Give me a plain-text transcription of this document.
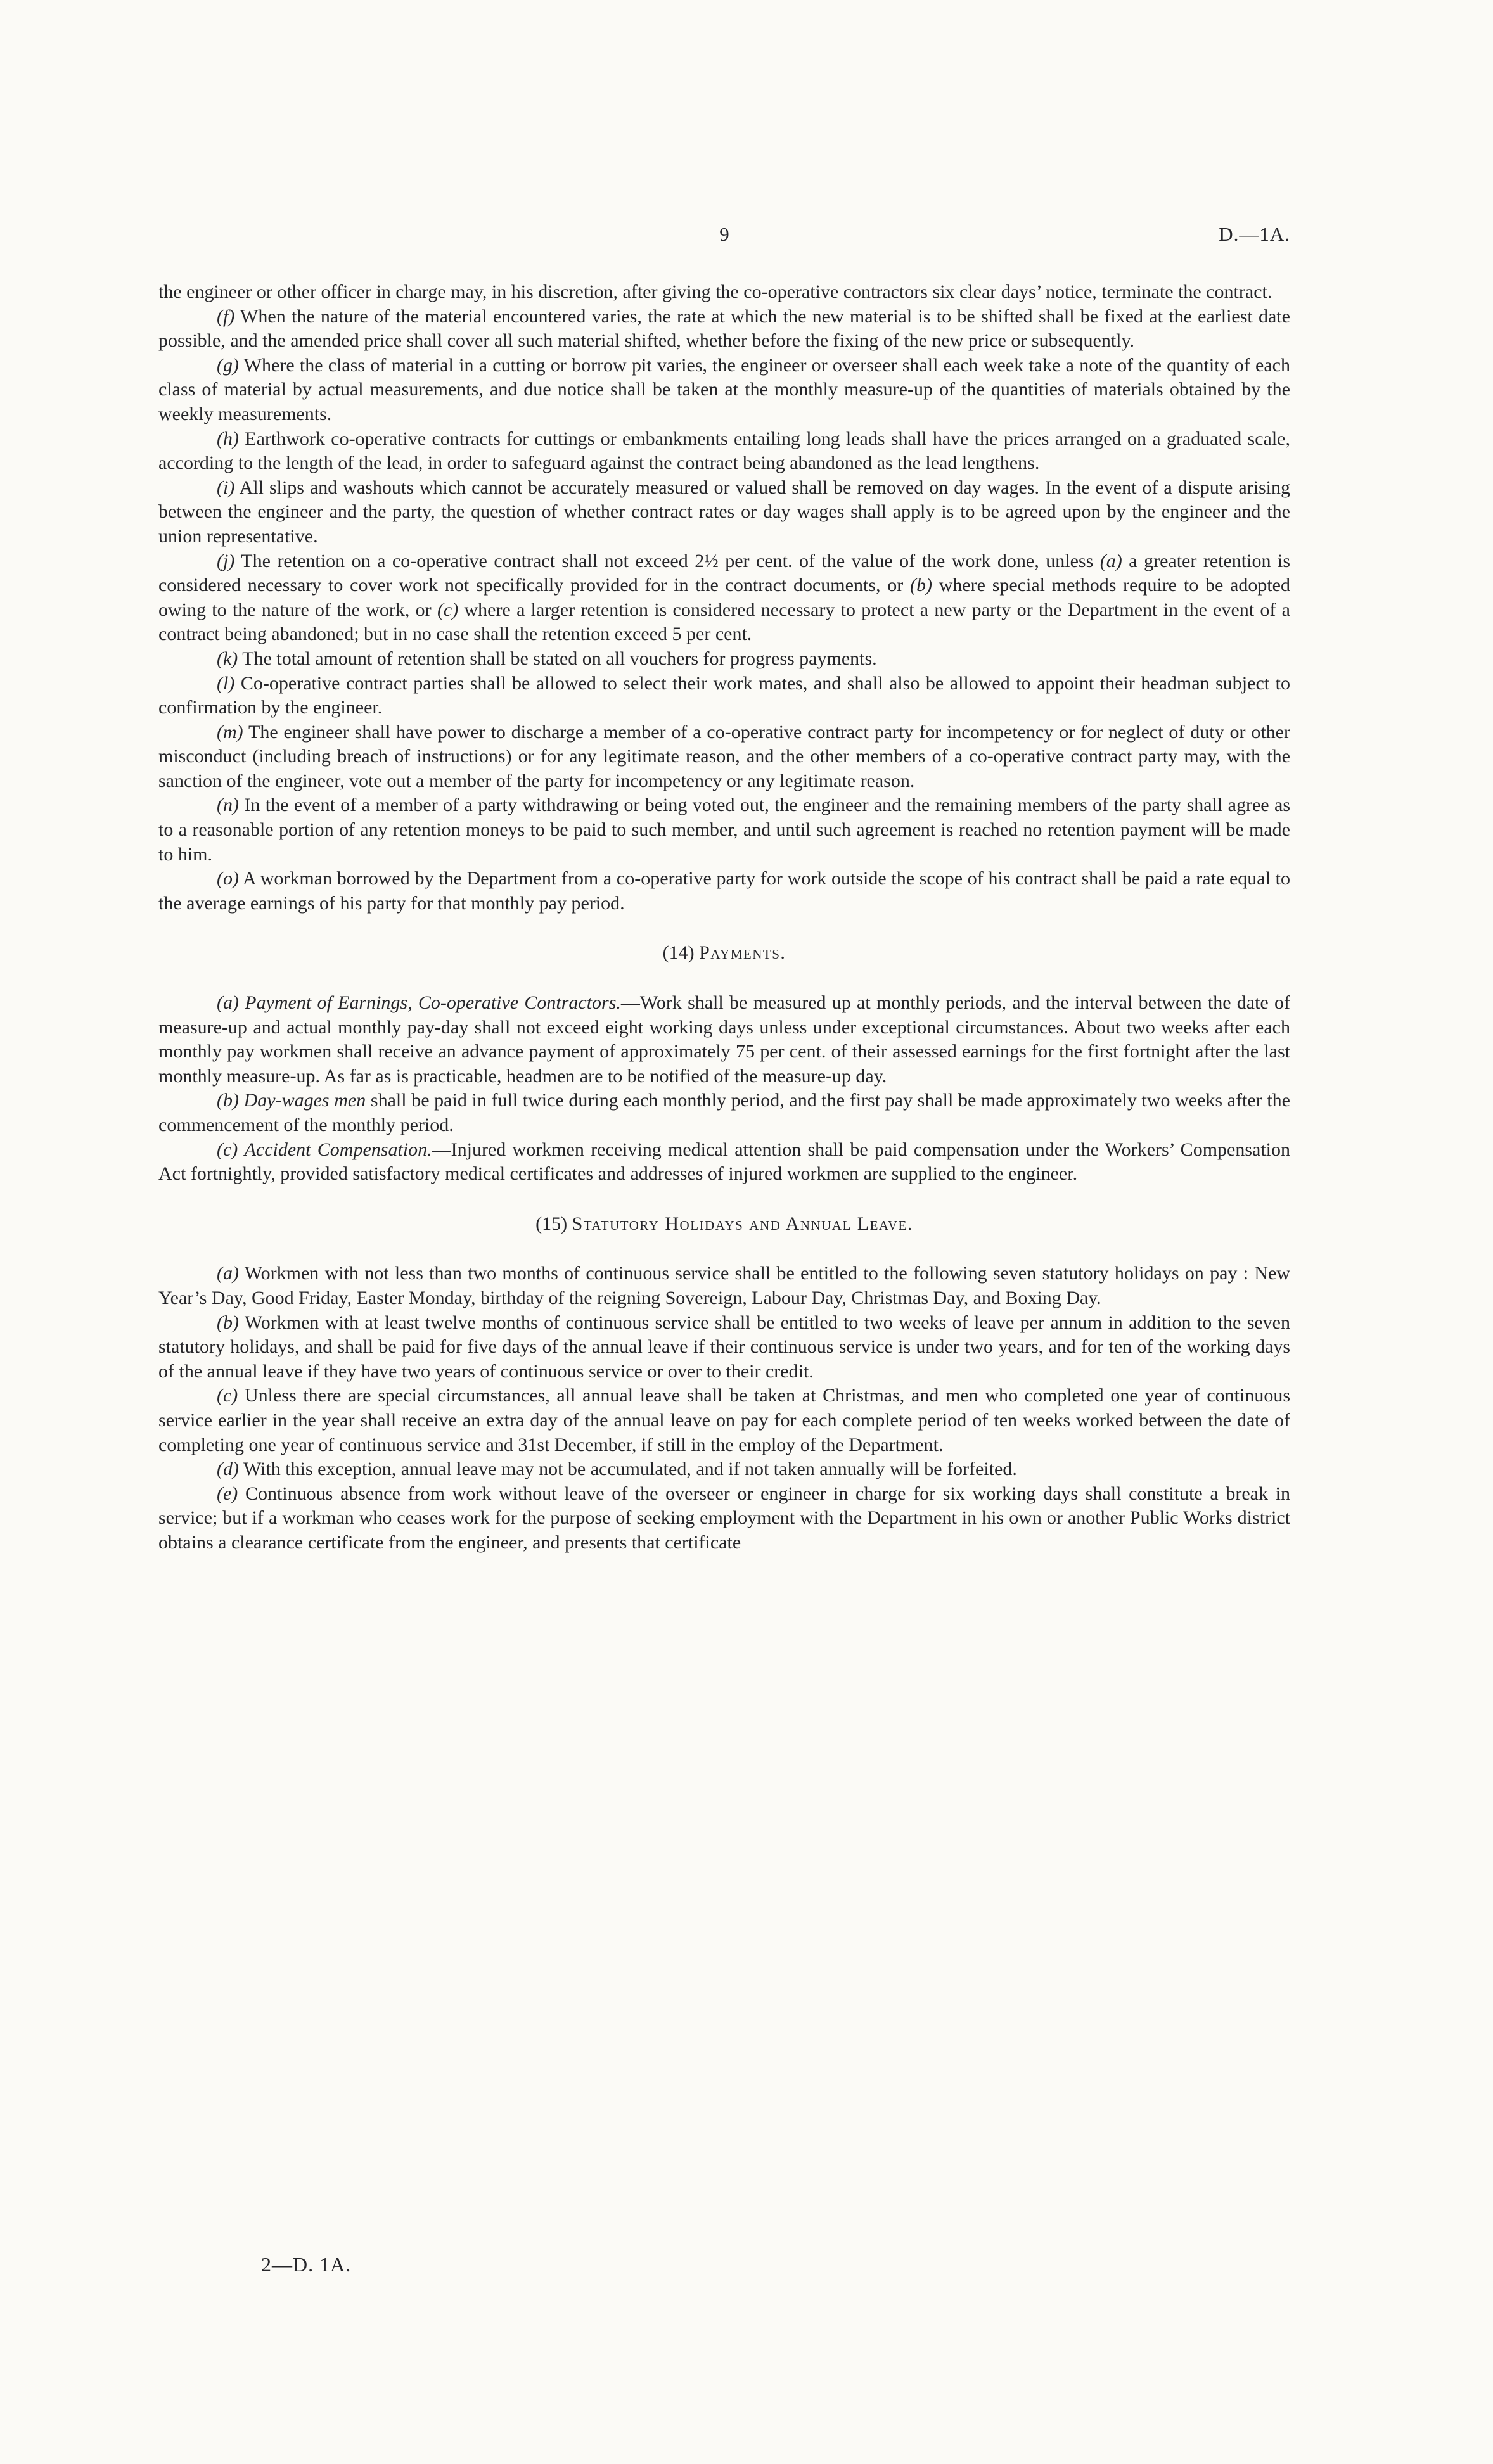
9	D.—1A.

the engineer or other officer in charge may, in his discretion, after giving the co-operative contractors six clear days’ notice, terminate the contract.

(f) When the nature of the material encountered varies, the rate at which the new material is to be shifted shall be fixed at the earliest date possible, and the amended price shall cover all such material shifted, whether before the fixing of the new price or subsequently.

(g) Where the class of material in a cutting or borrow pit varies, the engineer or overseer shall each week take a note of the quantity of each class of material by actual measurements, and due notice shall be taken at the monthly measure-up of the quantities of materials obtained by the weekly measurements.

(h) Earthwork co-operative contracts for cuttings or embankments entailing long leads shall have the prices arranged on a graduated scale, according to the length of the lead, in order to safeguard against the contract being abandoned as the lead lengthens.

(i) All slips and washouts which cannot be accurately measured or valued shall be removed on day wages. In the event of a dispute arising between the engineer and the party, the question of whether contract rates or day wages shall apply is to be agreed upon by the engineer and the union representative.

(j) The retention on a co-operative contract shall not exceed 2½ per cent. of the value of the work done, unless (a) a greater retention is considered necessary to cover work not specifically provided for in the contract documents, or (b) where special methods require to be adopted owing to the nature of the work, or (c) where a larger retention is considered necessary to protect a new party or the Department in the event of a contract being abandoned; but in no case shall the retention exceed 5 per cent.

(k) The total amount of retention shall be stated on all vouchers for progress payments.

(l) Co-operative contract parties shall be allowed to select their work mates, and shall also be allowed to appoint their headman subject to confirmation by the engineer.

(m) The engineer shall have power to discharge a member of a co-operative contract party for incompetency or for neglect of duty or other misconduct (including breach of instructions) or for any legitimate reason, and the other members of a co-operative contract party may, with the sanction of the engineer, vote out a member of the party for incompetency or any legitimate reason.

(n) In the event of a member of a party withdrawing or being voted out, the engineer and the remaining members of the party shall agree as to a reasonable portion of any retention moneys to be paid to such member, and until such agreement is reached no retention payment will be made to him.

(o) A workman borrowed by the Department from a co-operative party for work outside the scope of his contract shall be paid a rate equal to the average earnings of his party for that monthly pay period.

(14) Payments.

(a) Payment of Earnings, Co-operative Contractors.—Work shall be measured up at monthly periods, and the interval between the date of measure-up and actual monthly pay-day shall not exceed eight working days unless under exceptional circumstances. About two weeks after each monthly pay workmen shall receive an advance payment of approximately 75 per cent. of their assessed earnings for the first fortnight after the last monthly measure-up. As far as is practicable, headmen are to be notified of the measure-up day.

(b) Day-wages men shall be paid in full twice during each monthly period, and the first pay shall be made approximately two weeks after the commencement of the monthly period.

(c) Accident Compensation.—Injured workmen receiving medical attention shall be paid compensation under the Workers’ Compensation Act fortnightly, provided satisfactory medical certificates and addresses of injured workmen are supplied to the engineer.

(15) Statutory Holidays and Annual Leave.

(a) Workmen with not less than two months of continuous service shall be entitled to the following seven statutory holidays on pay : New Year’s Day, Good Friday, Easter Monday, birthday of the reigning Sovereign, Labour Day, Christmas Day, and Boxing Day.

(b) Workmen with at least twelve months of continuous service shall be entitled to two weeks of leave per annum in addition to the seven statutory holidays, and shall be paid for five days of the annual leave if their continuous service is under two years, and for ten of the working days of the annual leave if they have two years of continuous service or over to their credit.

(c) Unless there are special circumstances, all annual leave shall be taken at Christmas, and men who completed one year of continuous service earlier in the year shall receive an extra day of the annual leave on pay for each complete period of ten weeks worked between the date of completing one year of continuous service and 31st December, if still in the employ of the Department.

(d) With this exception, annual leave may not be accumulated, and if not taken annually will be forfeited.

(e) Continuous absence from work without leave of the overseer or engineer in charge for six working days shall constitute a break in service; but if a workman who ceases work for the purpose of seeking employment with the Department in his own or another Public Works district obtains a clearance certificate from the engineer, and presents that certificate

2—D. 1A.
